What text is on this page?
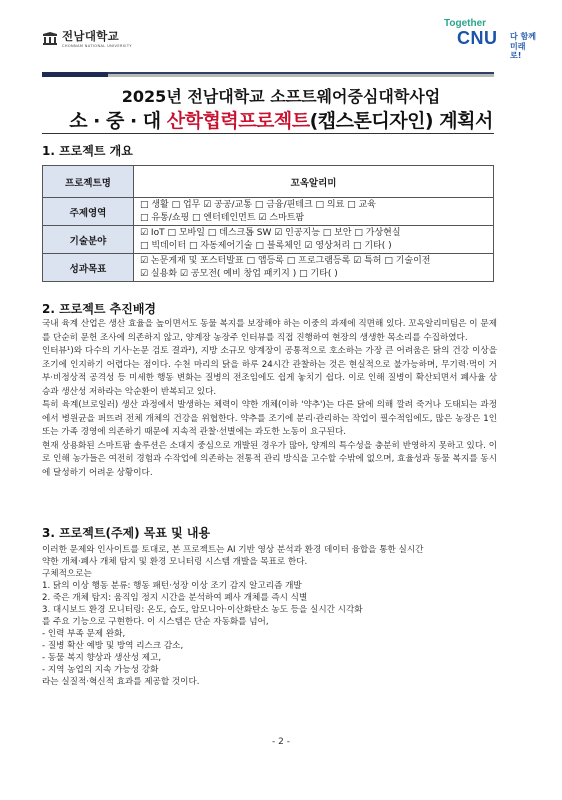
전남대학교
CHONNAM NATIONAL UNIVERSITY
Together
CNU 다 함께
미래로!
2025년 전남대학교 소프트웨어중심대학사업
소 · 중 · 대 산학협력프로젝트(캡스톤디자인) 계획서
1. 프로젝트 개요
프로젝트명	꼬옥알리미
주제영역	□ 생활 □ 업무 ☑ 공공/교통 □ 금융/핀테크 □ 의료 □ 교육
□ 유통/쇼핑 □ 엔터테인먼트 ☑ 스마트팜

기술분야	☑ IoT □ 모바일 □ 데스크톱 SW ☑ 인공지능 □ 보안 □ 가상현실
□ 빅데이터 □ 자동제어기술 □ 블록체인 ☑ 영상처리 □ 기타( )

성과목표	☑ 논문게재 및 포스터발표 □ 앱등록 □ 프로그램등록 ☑ 특허 □ 기술이전
☑ 실용화 ☑ 공모전( 예비 창업 패키지 ) □ 기타( )
2. 프로젝트 추진배경

국내 육계 산업은 생산 효율을 높이면서도 동물 복지를 보장해야 하는 이중의 과제에 직면해 있다. 꼬옥알리미팀은 이 문제를 단순히 문헌 조사에 의존하지 않고, 양계장 농장주 인터뷰를 직접 진행하여 현장의 생생한 목소리를 수집하였다.

인터뷰¹)와 다수의 기사·논문 검토 결과²), 지방 소규모 양계장이 공통적으로 호소하는 가장 큰 어려움은 닭의 건강 이상을 조기에 인지하기 어렵다는 점이다. 수천 마리의 닭을 하루 24시간 관찰하는 것은 현실적으로 불가능하며, 무기력·먹이 거부·비정상적 공격성 등 미세한 행동 변화는 질병의 전조임에도 쉽게 놓치기 쉽다. 이로 인해 질병이 확산되면서 폐사율 상승과 생산성 저하라는 악순환이 반복되고 있다.

특히 육계(브로일러) 생산 과정에서 발생하는 체력이 약한 개체(이하 '약추')는 다른 닭에 의해 깔려 죽거나 도태되는 과정에서 병원균을 퍼뜨려 전체 개체의 건강을 위협한다. 약추를 조기에 분리·관리하는 작업이 필수적임에도, 많은 농장은 1인 또는 가족 경영에 의존하기 때문에 지속적 관찰·선별에는 과도한 노동이 요구된다.

현재 상용화된 스마트팜 솔루션은 소대지 중심으로 개발된 경우가 많아, 양계의 특수성을 충분히 반영하지 못하고 있다. 이로 인해 농가들은 여전히 경험과 수작업에 의존하는 전통적 관리 방식을 고수할 수밖에 없으며, 효율성과 동물 복지를 동시에 달성하기 어려운 상황이다.

3. 프로젝트(주제) 목표 및 내용
이러한 문제와 인사이트를 토대로, 본 프로젝트는 AI 기반 영상 분석과 환경 데이터 융합을 통한 실시간
약한 개체·폐사 개체 탐지 및 환경 모니터링 시스템 개발을 목표로 한다.
구체적으로는
1. 닭의 이상 행동 분류: 행동 패턴·성장 이상 조기 감지 알고리즘 개발
2. 죽은 개체 탐지: 움직임 정지 시간을 분석하여 폐사 개체를 즉시 식별
3. 대시보드 환경 모니터링: 온도, 습도, 암모니아·이산화탄소 농도 등을 실시간 시각화
를 주요 기능으로 구현한다. 이 시스템은 단순 자동화를 넘어,
- 인력 부족 문제 완화,
- 질병 확산 예방 및 방역 리스크 감소,
- 동물 복지 향상과 생산성 제고,
- 지역 농업의 지속 가능성 강화
라는 실질적·혁신적 효과를 제공할 것이다.
- 2 -
